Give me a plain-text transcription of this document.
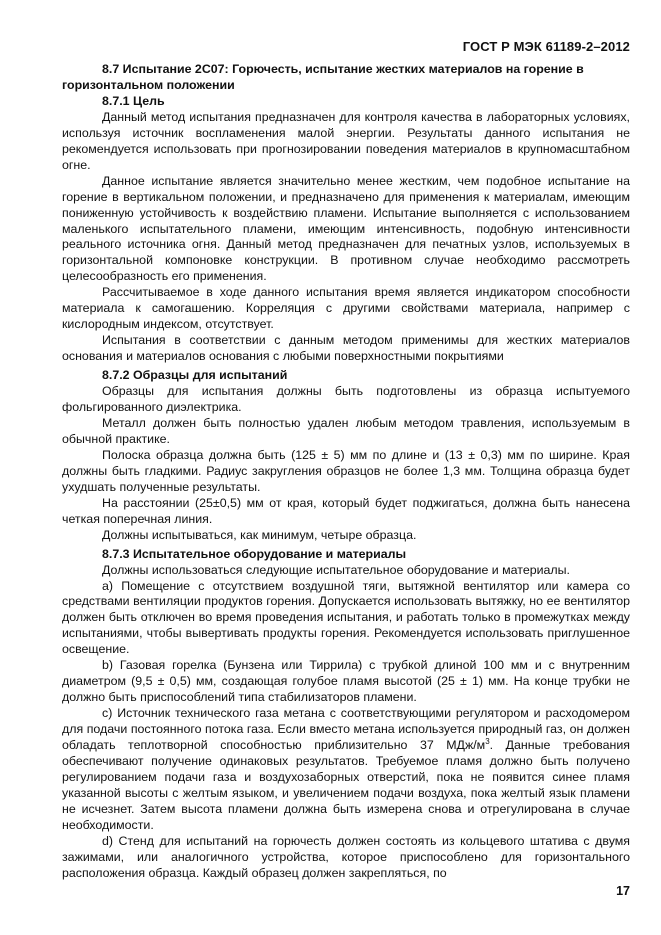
ГОСТ Р МЭК 61189-2–2012
8.7 Испытание 2С07: Горючесть, испытание жестких материалов на горение в горизонтальном положении
8.7.1 Цель

Данный метод испытания предназначен для контроля качества в лабораторных условиях, используя источник воспламенения малой энергии. Результаты данного испытания не рекомендуется использовать при прогнозировании поведения материалов в крупномасштабном огне.

Данное испытание является значительно менее жестким, чем подобное испытание на горение в вертикальном положении, и предназначено для применения к материалам, имеющим пониженную устойчивость к воздействию пламени. Испытание выполняется с использованием маленького испытательного пламени, имеющим интенсивность, подобную интенсивности реального источника огня. Данный метод предназначен для печатных узлов, используемых в горизонтальной компоновке конструкции. В противном случае необходимо рассмотреть целесообразность его применения.

Рассчитываемое в ходе данного испытания время является индикатором способности материала к самогашению. Корреляция с другими свойствами материала, например с кислородным индексом, отсутствует.

Испытания в соответствии с данным методом применимы для жестких материалов основания и материалов основания с любыми поверхностными покрытиями

8.7.2 Образцы для испытаний

Образцы для испытания должны быть подготовлены из образца испытуемого фольгированного диэлектрика.

Металл должен быть полностью удален любым методом травления, используемым в обычной практике.

Полоска образца должна быть (125 ± 5) мм по длине и (13 ± 0,3) мм по ширине. Края должны быть гладкими. Радиус закругления образцов не более 1,3 мм. Толщина образца будет ухудшать полученные результаты.

На расстоянии (25±0,5) мм от края, который будет поджигаться, должна быть нанесена четкая поперечная линия.

Должны испытываться, как минимум, четыре образца.

8.7.3 Испытательное оборудование и материалы

Должны использоваться следующие испытательное оборудование и материалы.

а) Помещение с отсутствием воздушной тяги, вытяжной вентилятор или камера со средствами вентиляции продуктов горения. Допускается использовать вытяжку, но ее вентилятор должен быть отключен во время проведения испытания, и работать только в промежутках между испытаниями, чтобы вывертивать продукты горения. Рекомендуется использовать приглушенное освещение.

b) Газовая горелка (Бунзена или Тиррила) с трубкой длиной 100 мм и с внутренним диаметром (9,5 ± 0,5) мм, создающая голубое пламя высотой (25 ± 1) мм. На конце трубки не должно быть приспособлений типа стабилизаторов пламени.

с) Источник технического газа метана с соответствующими регулятором и расходомером для подачи постоянного потока газа. Если вместо метана используется природный газ, он должен обладать теплотворной способностью приблизительно 37 МДж/$м^3$. Данные требования обеспечивают получение одинаковых результатов. Требуемое пламя должно быть получено регулированием подачи газа и воздухозаборных отверстий, пока не появится синее пламя указанной высоты с желтым языком, и увеличением подачи воздуха, пока желтый язык пламени не исчезнет. Затем высота пламени должна быть измерена снова и отрегулирована в случае необходимости.

d) Стенд для испытаний на горючесть должен состоять из кольцевого штатива с двумя зажимами, или аналогичного устройства, которое приспособлено для горизонтального расположения образца. Каждый образец должен закрепляться, по

17
